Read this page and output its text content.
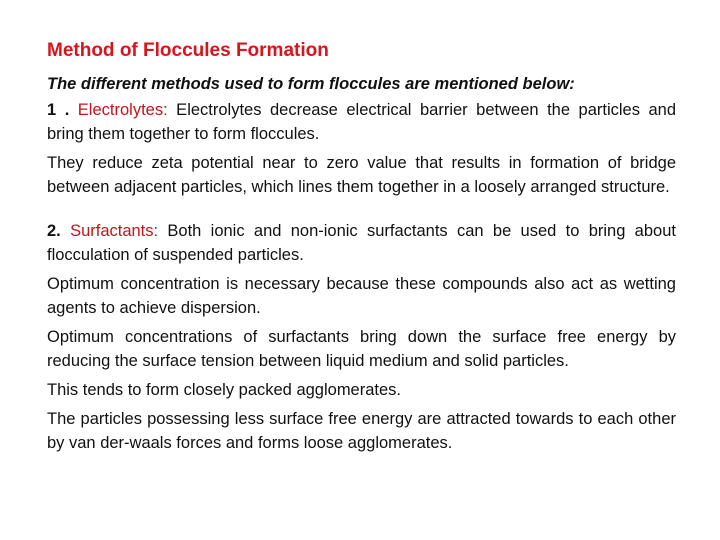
Method of Floccules Formation
The different methods used to form floccules are mentioned below:

1 . Electrolytes: Electrolytes decrease electrical barrier between the particles and bring them together to form floccules.

They reduce zeta potential near to zero value that results in formation of bridge between adjacent particles, which lines them together in a loosely arranged structure.

2. Surfactants: Both ionic and non-ionic surfactants can be used to bring about flocculation of suspended particles.

Optimum concentration is necessary because these compounds also act as wetting agents to achieve dispersion.

Optimum concentrations of surfactants bring down the surface free energy by reducing the surface tension between liquid medium and solid particles.

This tends to form closely packed agglomerates.

The particles possessing less surface free energy are attracted towards to each other by van der-waals forces and forms loose agglomerates.
